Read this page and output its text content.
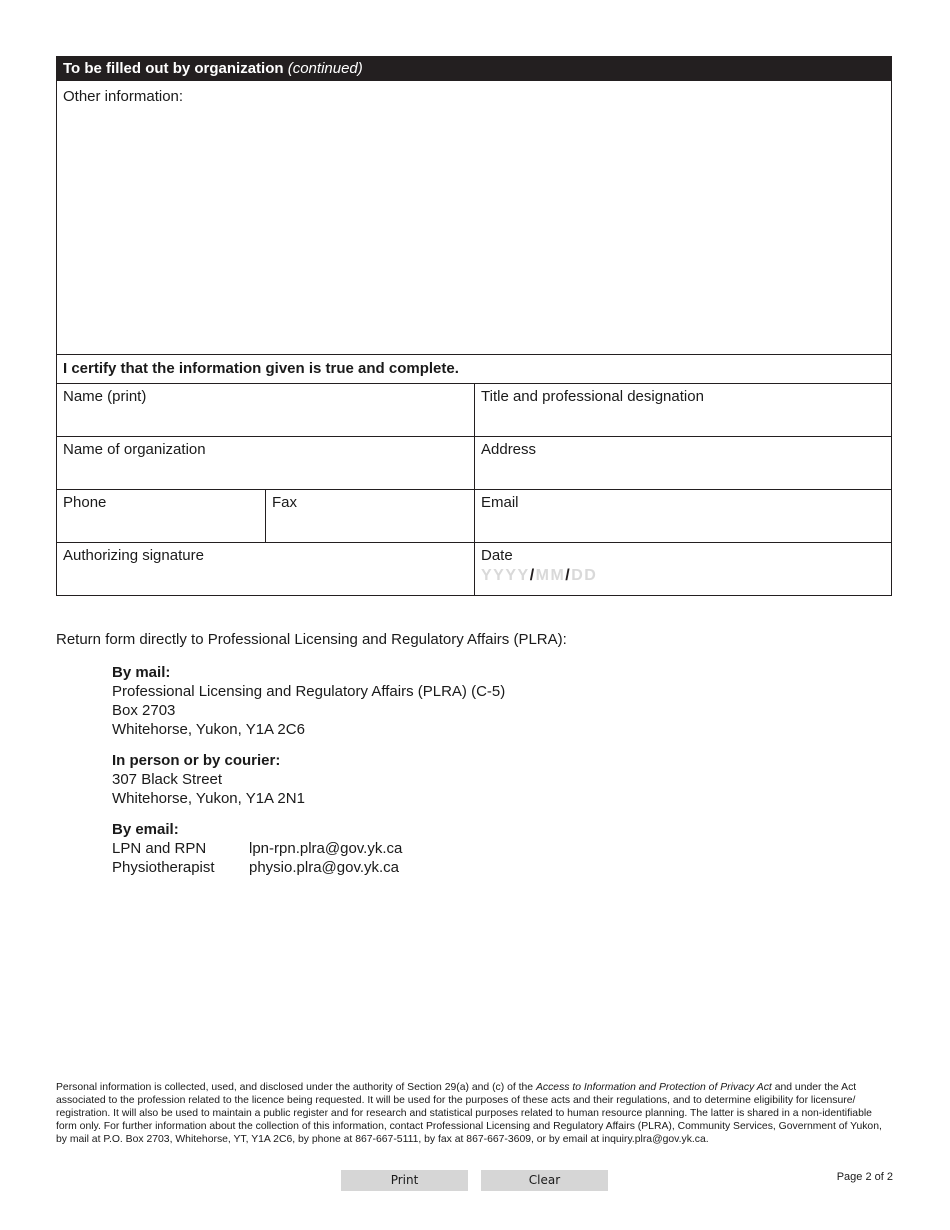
To be filled out by organization (continued)
Other information:
I certify that the information given is true and complete.
Name (print)	Title and professional designation
Name of organization	Address
Phone	Fax	Email
Authorizing signature	Date
YYYY/MM/DD
Return form directly to Professional Licensing and Regulatory Affairs (PLRA):
By mail:
Professional Licensing and Regulatory Affairs (PLRA) (C-5)
Box 2703
Whitehorse, Yukon, Y1A 2C6
In person or by courier:
307 Black Street
Whitehorse, Yukon, Y1A 2N1
By email:
LPN and RPN	lpn-rpn.plra@gov.yk.ca
Physiotherapist	physio.plra@gov.yk.ca
Personal information is collected, used, and disclosed under the authority of Section 29(a) and (c) of the Access to Information and Protection of Privacy Act and under the Act associated to the profession related to the licence being requested. It will be used for the purposes of these acts and their regulations, and to determine eligibility for licensure/ registration. It will also be used to maintain a public register and for research and statistical purposes related to human resource planning. The latter is shared in a non-identifiable form only. For further information about the collection of this information, contact Professional Licensing and Regulatory Affairs (PLRA), Community Services, Government of Yukon, by mail at P.O. Box 2703, Whitehorse, YT, Y1A 2C6, by phone at 867-667-5111, by fax at 867-667-3609, or by email at inquiry.plra@gov.yk.ca.
Print	Clear	Page 2 of 2
